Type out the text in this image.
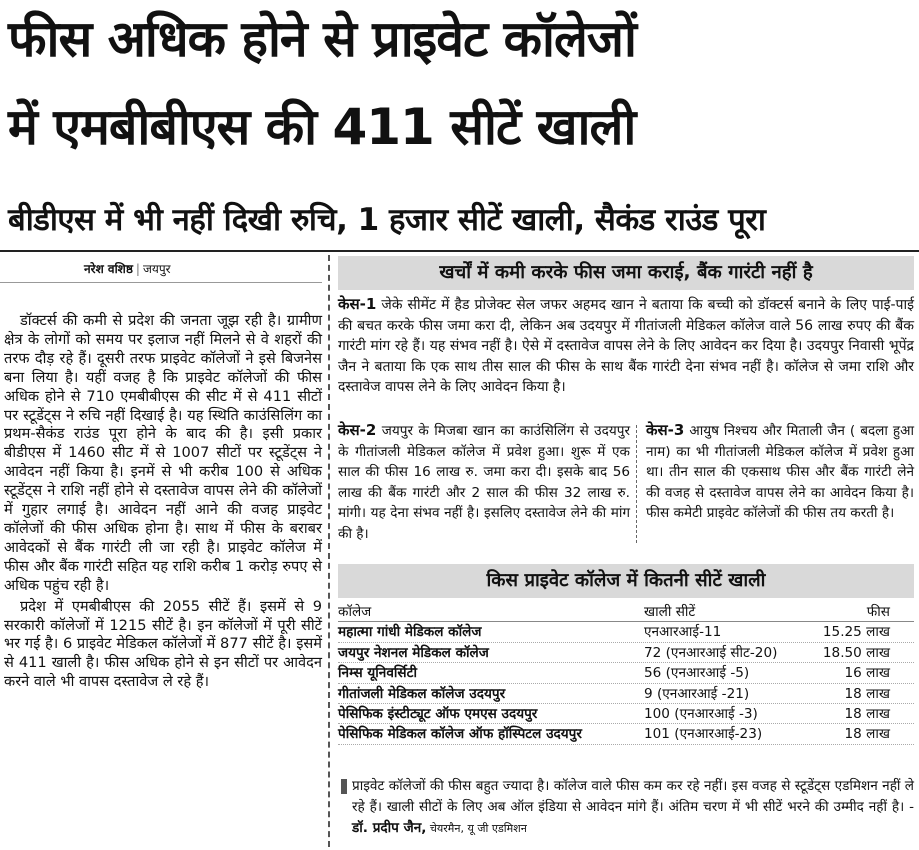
फीस अधिक होने से प्राइवेट कॉलेजों
में एमबीबीएस की 411 सीटें खाली
बीडीएस में भी नहीं दिखी रुचि, 1 हजार सीटें खाली, सैकंड राउंड पूरा
नरेश वशिष्ठ | जयपुर

डॉक्टर्स की कमी से प्रदेश की जनता जूझ रही है। ग्रामीण क्षेत्र के लोगों को समय पर इलाज नहीं मिलने से वे शहरों की तरफ दौड़ रहे हैं। दूसरी तरफ प्राइवेट कॉलेजों ने इसे बिजनेस बना लिया है। यहीं वजह है कि प्राइवेट कॉलेजों की फीस अधिक होने से 710 एमबीबीएस की सीट में से 411 सीटों पर स्टूडेंट्स ने रुचि नहीं दिखाई है। यह स्थिति काउंसिलिंग का प्रथम-सैकंड राउंड पूरा होने के बाद की है। इसी प्रकार बीडीएस में 1460 सीट में से 1007 सीटों पर स्टूडेंट्स ने आवेदन नहीं किया है। इनमें से भी करीब 100 से अधिक स्टूडेंट्स ने राशि नहीं होने से दस्तावेज वापस लेने की कॉलेजों में गुहार लगाई है। आवेदन नहीं आने की वजह प्राइवेट कॉलेजों की फीस अधिक होना है। साथ में फीस के बराबर आवेदकों से बैंक गारंटी ली जा रही है। प्राइवेट कॉलेज में फीस और बैंक गारंटी सहित यह राशि करीब 1 करोड़ रुपए से अधिक पहुंच रही है।

प्रदेश में एमबीबीएस की 2055 सीटें हैं। इसमें से 9 सरकारी कॉलेजों में 1215 सीटें है। इन कॉलेजों में पूरी सीटें भर गई है। 6 प्राइवेट मेडिकल कॉलेजों में 877 सीटें है। इसमें से 411 खाली है। फीस अधिक होने से इन सीटों पर आवेदन करने वाले भी वापस दस्तावेज ले रहे हैं।

खर्चों में कमी करके फीस जमा कराई, बैंक गारंटी नहीं है
केस-1 जेके सीमेंट में हैड प्रोजेक्ट सेल जफर अहमद खान ने बताया कि बच्ची को डॉक्टर्स बनाने के लिए पाई-पाई की बचत करके फीस जमा करा दी, लेकिन अब उदयपुर में गीतांजली मेडिकल कॉलेज वाले 56 लाख रुपए की बैंक गारंटी मांग रहे हैं। यह संभव नहीं है। ऐसे में दस्तावेज वापस लेने के लिए आवेदन कर दिया है। उदयपुर निवासी भूपेंद्र जैन ने बताया कि एक साथ तीस साल की फीस के साथ बैंक गारंटी देना संभव नहीं है। कॉलेज से जमा राशि और दस्तावेज वापस लेने के लिए आवेदन किया है।
केस-2 जयपुर के मिजबा खान का काउंसिलिंग से उदयपुर के गीतांजली मेडिकल कॉलेज में प्रवेश हुआ। शुरू में एक साल की फीस 16 लाख रु. जमा करा दी। इसके बाद 56 लाख की बैंक गारंटी और 2 साल की फीस 32 लाख रु. मांगी। यह देना संभव नहीं है। इसलिए दस्तावेज लेने की मांग की है।
केस-3 आयुष निश्चय और मिताली जैन ( बदला हुआ नाम) का भी गीतांजली मेडिकल कॉलेज में प्रवेश हुआ था। तीन साल की एकसाथ फीस और बैंक गारंटी लेने की वजह से दस्तावेज वापस लेने का आवेदन किया है। फीस कमेटी प्राइवेट कॉलेजों की फीस तय करती है।
किस प्राइवेट कॉलेज में कितनी सीटें खाली
कॉलेज	खाली सीटें	फीस
महात्मा गांधी मेडिकल कॉलेज	एनआरआई-11	15.25 लाख
जयपुर नेशनल मेडिकल कॉलेज	72 (एनआरआई सीट-20)	18.50 लाख
निम्स यूनिवर्सिटी	56 (एनआरआई -5)	16 लाख
गीतांजली मेडिकल कॉलेज उदयपुर	9 (एनआरआई -21)	18 लाख
पेसिफिक इंस्टीट्यूट ऑफ एमएस उदयपुर	100 (एनआरआई -3)	18 लाख
पेसिफिक मेडिकल कॉलेज ऑफ हॉस्पिटल उदयपुर	101 (एनआरआई-23)	18 लाख
प्राइवेट कॉलेजों की फीस बहुत ज्यादा है। कॉलेज वाले फीस कम कर रहे नहीं। इस वजह से स्टूडेंट्स एडमिशन नहीं ले रहे हैं। खाली सीटों के लिए अब ऑल इंडिया से आवेदन मांगे हैं। अंतिम चरण में भी सीटें भरने की उम्मीद नहीं है। - डॉ. प्रदीप जैन, चेयरमैन, यू जी एडमिशन
